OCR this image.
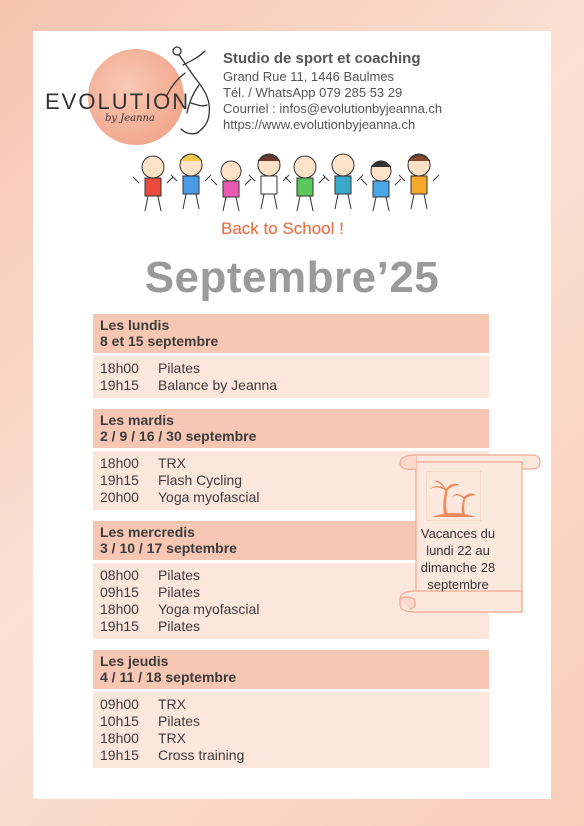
EVOLUTION
by Jeanna
Studio de sport et coaching
Grand Rue 11, 1446 Baulmes
Tél. / WhatsApp 079 285 53 29
Courriel : infos@evolutionbyjeanna.ch
https://www.evolutionbyjeanna.ch
Back to School !
Septembre’25
Les lundis
8 et 15 septembre
18h00 Pilates
19h15 Balance by Jeanna
Les mardis
2 / 9 / 16 / 30 septembre
18h00 TRX
19h15 Flash Cycling
20h00 Yoga myofascial
Les mercredis
3 / 10 / 17 septembre
08h00 Pilates
09h15 Pilates
18h00 Yoga myofascial
19h15 Pilates
Les jeudis
4 / 11 / 18 septembre
09h00 TRX
10h15 Pilates
18h00 TRX
19h15 Cross training
Vacances du
lundi 22 au
dimanche 28
septembre
